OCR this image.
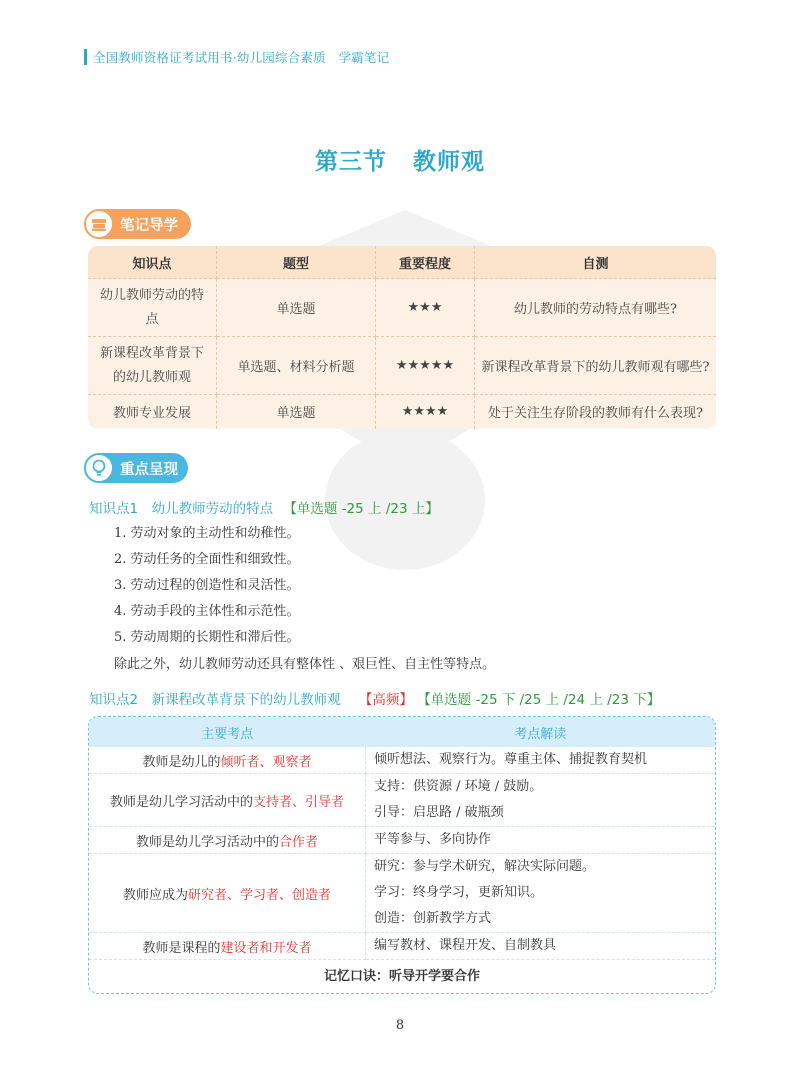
全国教师资格证考试用书·幼儿园综合素质　学霸笔记
第三节 教师观
笔记导学
知识点	题型	重要程度	自测
幼儿教师劳动的特点	单选题	★★★	幼儿教师的劳动特点有哪些?
新课程改革背景下的幼儿教师观	单选题、材料分析题	★★★★★	新课程改革背景下的幼儿教师观有哪些?
教师专业发展	单选题	★★★★	处于关注生存阶段的教师有什么表现?
重点呈现
知识点1　幼儿教师劳动的特点 【单选题 -25 上 /23 上】
1. 劳动对象的主动性和幼稚性。
2. 劳动任务的全面性和细致性。
3. 劳动过程的创造性和灵活性。
4. 劳动手段的主体性和示范性。
5. 劳动周期的长期性和滞后性。
除此之外，幼儿教师劳动还具有整体性 、艰巨性、自主性等特点。
知识点2　新课程改革背景下的幼儿教师观 【高频】 【单选题 -25 下 /25 上 /24 上 /23 下】
主要考点	考点解读
教师是幼儿的倾听者、观察者	倾听想法、观察行为。尊重主体、捕捉教育契机

教师是幼儿学习活动中的支持者、引导者	支持：供资源 / 环境 / 鼓励。
引导：启思路 / 破瓶颈

教师是幼儿学习活动中的合作者	平等参与、多向协作

教师应成为研究者、学习者、创造者	研究：参与学术研究，解决实际问题。
学习：终身学习，更新知识。
创造：创新教学方式

教师是课程的建设者和开发者	编写教材、课程开发、自制教具

记忆口诀：听导开学要合作	
8
